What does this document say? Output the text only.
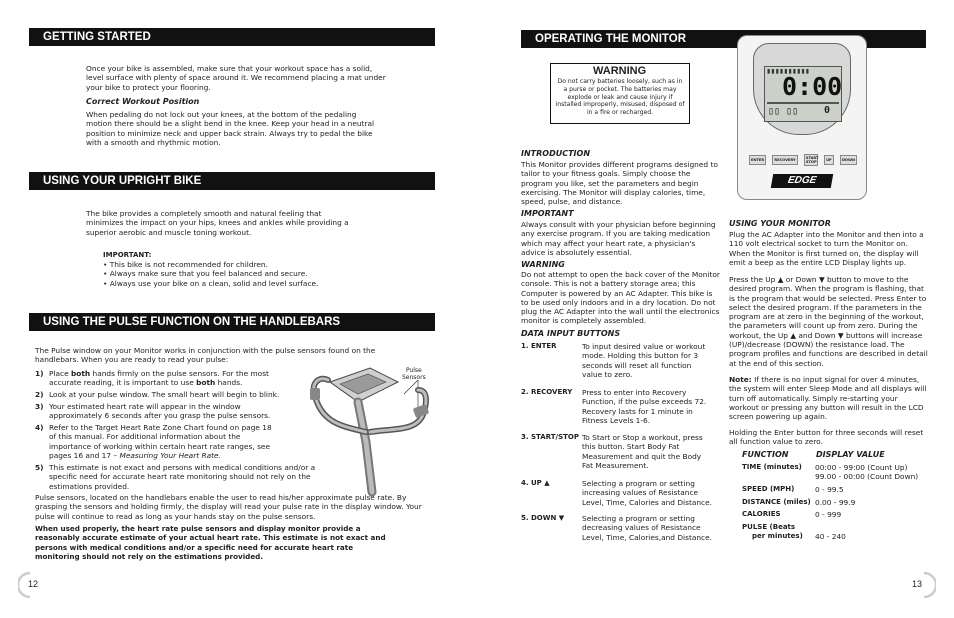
GETTING STARTED

Once your bike is assembled, make sure that your workout space has a solid, level surface with plenty of space around it. We recommend placing a mat under your bike to protect your flooring.

Correct Workout Position

When pedaling do not lock out your knees, at the bottom of the pedaling motion there should be a slight bend in the knee. Keep your head in a neutral position to minimize neck and upper back strain. Always try to pedal the bike with a smooth and rhythmic motion.

USING YOUR UPRIGHT BIKE

The bike provides a completely smooth and natural feeling that minimizes the impact on your hips, knees and ankles while providing a superior aerobic and muscle toning workout.

IMPORTANT:

• This bike is not recommended for children.
• Always make sure that you feel balanced and secure.
• Always use your bike on a clean, solid and level surface.
USING THE PULSE FUNCTION ON THE HANDLEBARS

The Pulse window on your Monitor works in conjunction with the pulse sensors found on the handlebars. When you are ready to read your pulse:

1) Place both hands firmly on the pulse sensors. For the most accurate reading, it is important to use both hands.
2) Look at your pulse window. The small heart will begin to blink.
3) Your estimated heart rate will appear in the window approximately 6 seconds after you grasp the pulse sensors.
4) Refer to the Target Heart Rate Zone Chart found on page 18 of this manual. For additional information about the importance of working within certain heart rate ranges, see pages 16 and 17 – Measuring Your Heart Rate.
5) This estimate is not exact and persons with medical conditions and/or a specific need for accurate heart rate monitoring should not rely on the estimations provided.
Pulse
Sensors

Pulse sensors, located on the handlebars enable the user to read his/her approximate pulse rate. By grasping the sensors and holding firmly, the display will read your pulse rate in the display window. Your pulse will continue to read as long as your hands stay on the pulse sensors.

When used properly, the heart rate pulse sensors and display monitor provide a reasonably accurate estimate of your actual heart rate. This estimate is not exact and persons with medical conditions and/or a specific need for accurate heart rate monitoring should not rely on the estimations provided.

12
OPERATING THE MONITOR
WARNING
Do not carry batteries loosely, such as in a purse or pocket. The batteries may explode or leak and cause injury if installed improperly, misused, disposed of in a fire or recharged.
▮▮▮▮▮▮▮▮▮▮
0:00
0
▯▯ ▯▯
ENTER	RECOVERY	START STOP	UP	DOWN
EDGE

INTRODUCTION

This Monitor provides different programs designed to tailor to your fitness goals. Simply choose the program you like, set the parameters and begin exercising. The Monitor will display calories, time, speed, pulse, and distance.

IMPORTANT

Always consult with your physician before beginning any exercise program. If you are taking medication which may affect your heart rate, a physician's advice is absolutely essential.

WARNING

Do not attempt to open the back cover of the Monitor console. This is not a battery storage area; this Computer is powered by an AC Adapter. This bike is to be used only indoors and in a dry location. Do not plug the AC Adapter into the wall until the electronics monitor is completely assembled.

DATA INPUT BUTTONS

1. ENTER	To input desired value or workout mode. Holding this button for 3 seconds will reset all function value to zero.
2. RECOVERY Press to enter into Recovery Function, if the pulse exceeds 72. Recovery lasts for 1 minute in Fitness Levels 1-6.
3. START/STOP To Start or Stop a workout, press this button. Start Body Fat Measurement and quit the Body Fat Measurement.
4. UP ▲	Selecting a program or setting increasing values of Resistance Level, Time, Calories and Distance.
5. DOWN ▼ Selecting a program or setting decreasing values of Resistance Level, Time, Calories,and Distance.

USING YOUR MONITOR

Plug the AC Adapter into the Monitor and then into a 110 volt electrical socket to turn the Monitor on. When the Monitor is first turned on, the display will emit a beep as the entire LCD Display lights up.

Press the Up ▲ or Down ▼ button to move to the desired program. When the program is flashing, that is the program that would be selected. Press Enter to select the desired program. If the parameters in the program are at zero in the beginning of the workout, the parameters will count up from zero. During the workout, the Up ▲ and Down ▼ buttons will increase (UP)/decrease (DOWN) the resistance load. The program profiles and functions are described in detail at the end of this section.

Note: If there is no input signal for over 4 minutes, the system will enter Sleep Mode and all displays will turn off automatically. Simply re-starting your workout or pressing any button will result in the LCD screen powering up again.

Holding the Enter button for three seconds will reset all function value to zero.

FUNCTION	DISPLAY VALUE
TIME (minutes) 00:00 - 99:00 (Count Up)
99.00 - 00:00 (Count Down)
SPEED (MPH)	0 - 99.5
DISTANCE (miles) 0.00 - 99.9
CALORIES	0 - 999
PULSE (Beats
per minutes) 40 - 240
13
